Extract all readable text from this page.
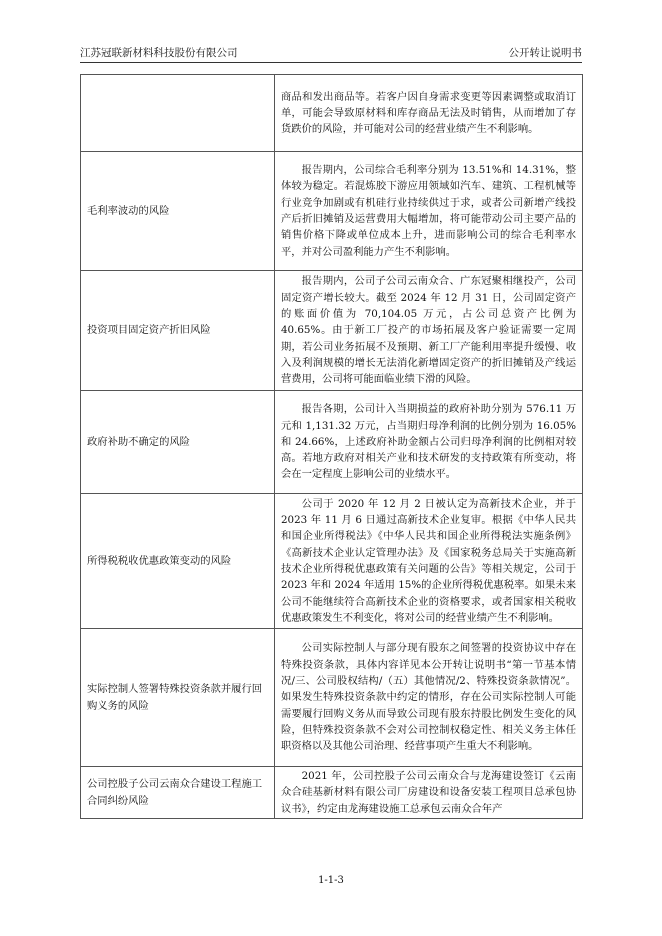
江苏冠联新材料科技股份有限公司	公开转让说明书
	商品和发出商品等。若客户因自身需求变更等因素调整或取消订单，可能会导致原材料和库存商品无法及时销售，从而增加了存货跌价的风险，并可能对公司的经营业绩产生不利影响。
毛利率波动的风险	报告期内，公司综合毛利率分别为 13.51%和 14.31%，整体较为稳定。若混炼胶下游应用领域如汽车、建筑、工程机械等行业竞争加剧或有机硅行业持续供过于求，或者公司新增产线投产后折旧摊销及运营费用大幅增加，将可能带动公司主要产品的销售价格下降或单位成本上升，进而影响公司的综合毛利率水平，并对公司盈利能力产生不利影响。

投资项目固定资产折旧风险	报告期内，公司子公司云南众合、广东冠聚相继投产，公司固定资产增长较大。截至 2024 年 12 月 31 日，公司固定资产的账面价值为 70,104.05 万元，占公司总资产比例为 40.65%。由于新工厂投产的市场拓展及客户验证需要一定周期，若公司业务拓展不及预期、新工厂产能利用率提升缓慢、收入及利润规模的增长无法消化新增固定资产的折旧摊销及产线运营费用，公司将可能面临业绩下滑的风险。

政府补助不确定的风险	报告各期，公司计入当期损益的政府补助分别为 576.11 万元和 1,131.32 万元，占当期归母净利润的比例分别为 16.05%和 24.66%，上述政府补助金额占公司归母净利润的比例相对较高。若地方政府对相关产业和技术研发的支持政策有所变动，将会在一定程度上影响公司的业绩水平。

所得税税收优惠政策变动的风险	公司于 2020 年 12 月 2 日被认定为高新技术企业，并于 2023 年 11 月 6 日通过高新技术企业复审。根据《中华人民共和国企业所得税法》《中华人民共和国企业所得税法实施条例》《高新技术企业认定管理办法》及《国家税务总局关于实施高新技术企业所得税优惠政策有关问题的公告》等相关规定，公司于 2023 年和 2024 年适用 15%的企业所得税优惠税率。如果未来公司不能继续符合高新技术企业的资格要求，或者国家相关税收优惠政策发生不利变化，将对公司的经营业绩产生不利影响。

实际控制人签署特殊投资条款并履行回购义务的风险	公司实际控制人与部分现有股东之间签署的投资协议中存在特殊投资条款，具体内容详见本公开转让说明书“第一节基本情况/三、公司股权结构/（五）其他情况/2、特殊投资条款情况”。如果发生特殊投资条款中约定的情形，存在公司实际控制人可能需要履行回购义务从而导致公司现有股东持股比例发生变化的风险，但特殊投资条款不会对公司控制权稳定性、相关义务主体任职资格以及其他公司治理、经营事项产生重大不利影响。

公司控股子公司云南众合建设工程施工合同纠纷风险	2021 年，公司控股子公司云南众合与龙海建设签订《云南众合硅基新材料有限公司厂房建设和设备安装工程项目总承包协议书》，约定由龙海建设施工总承包云南众合年产
1-1-3
